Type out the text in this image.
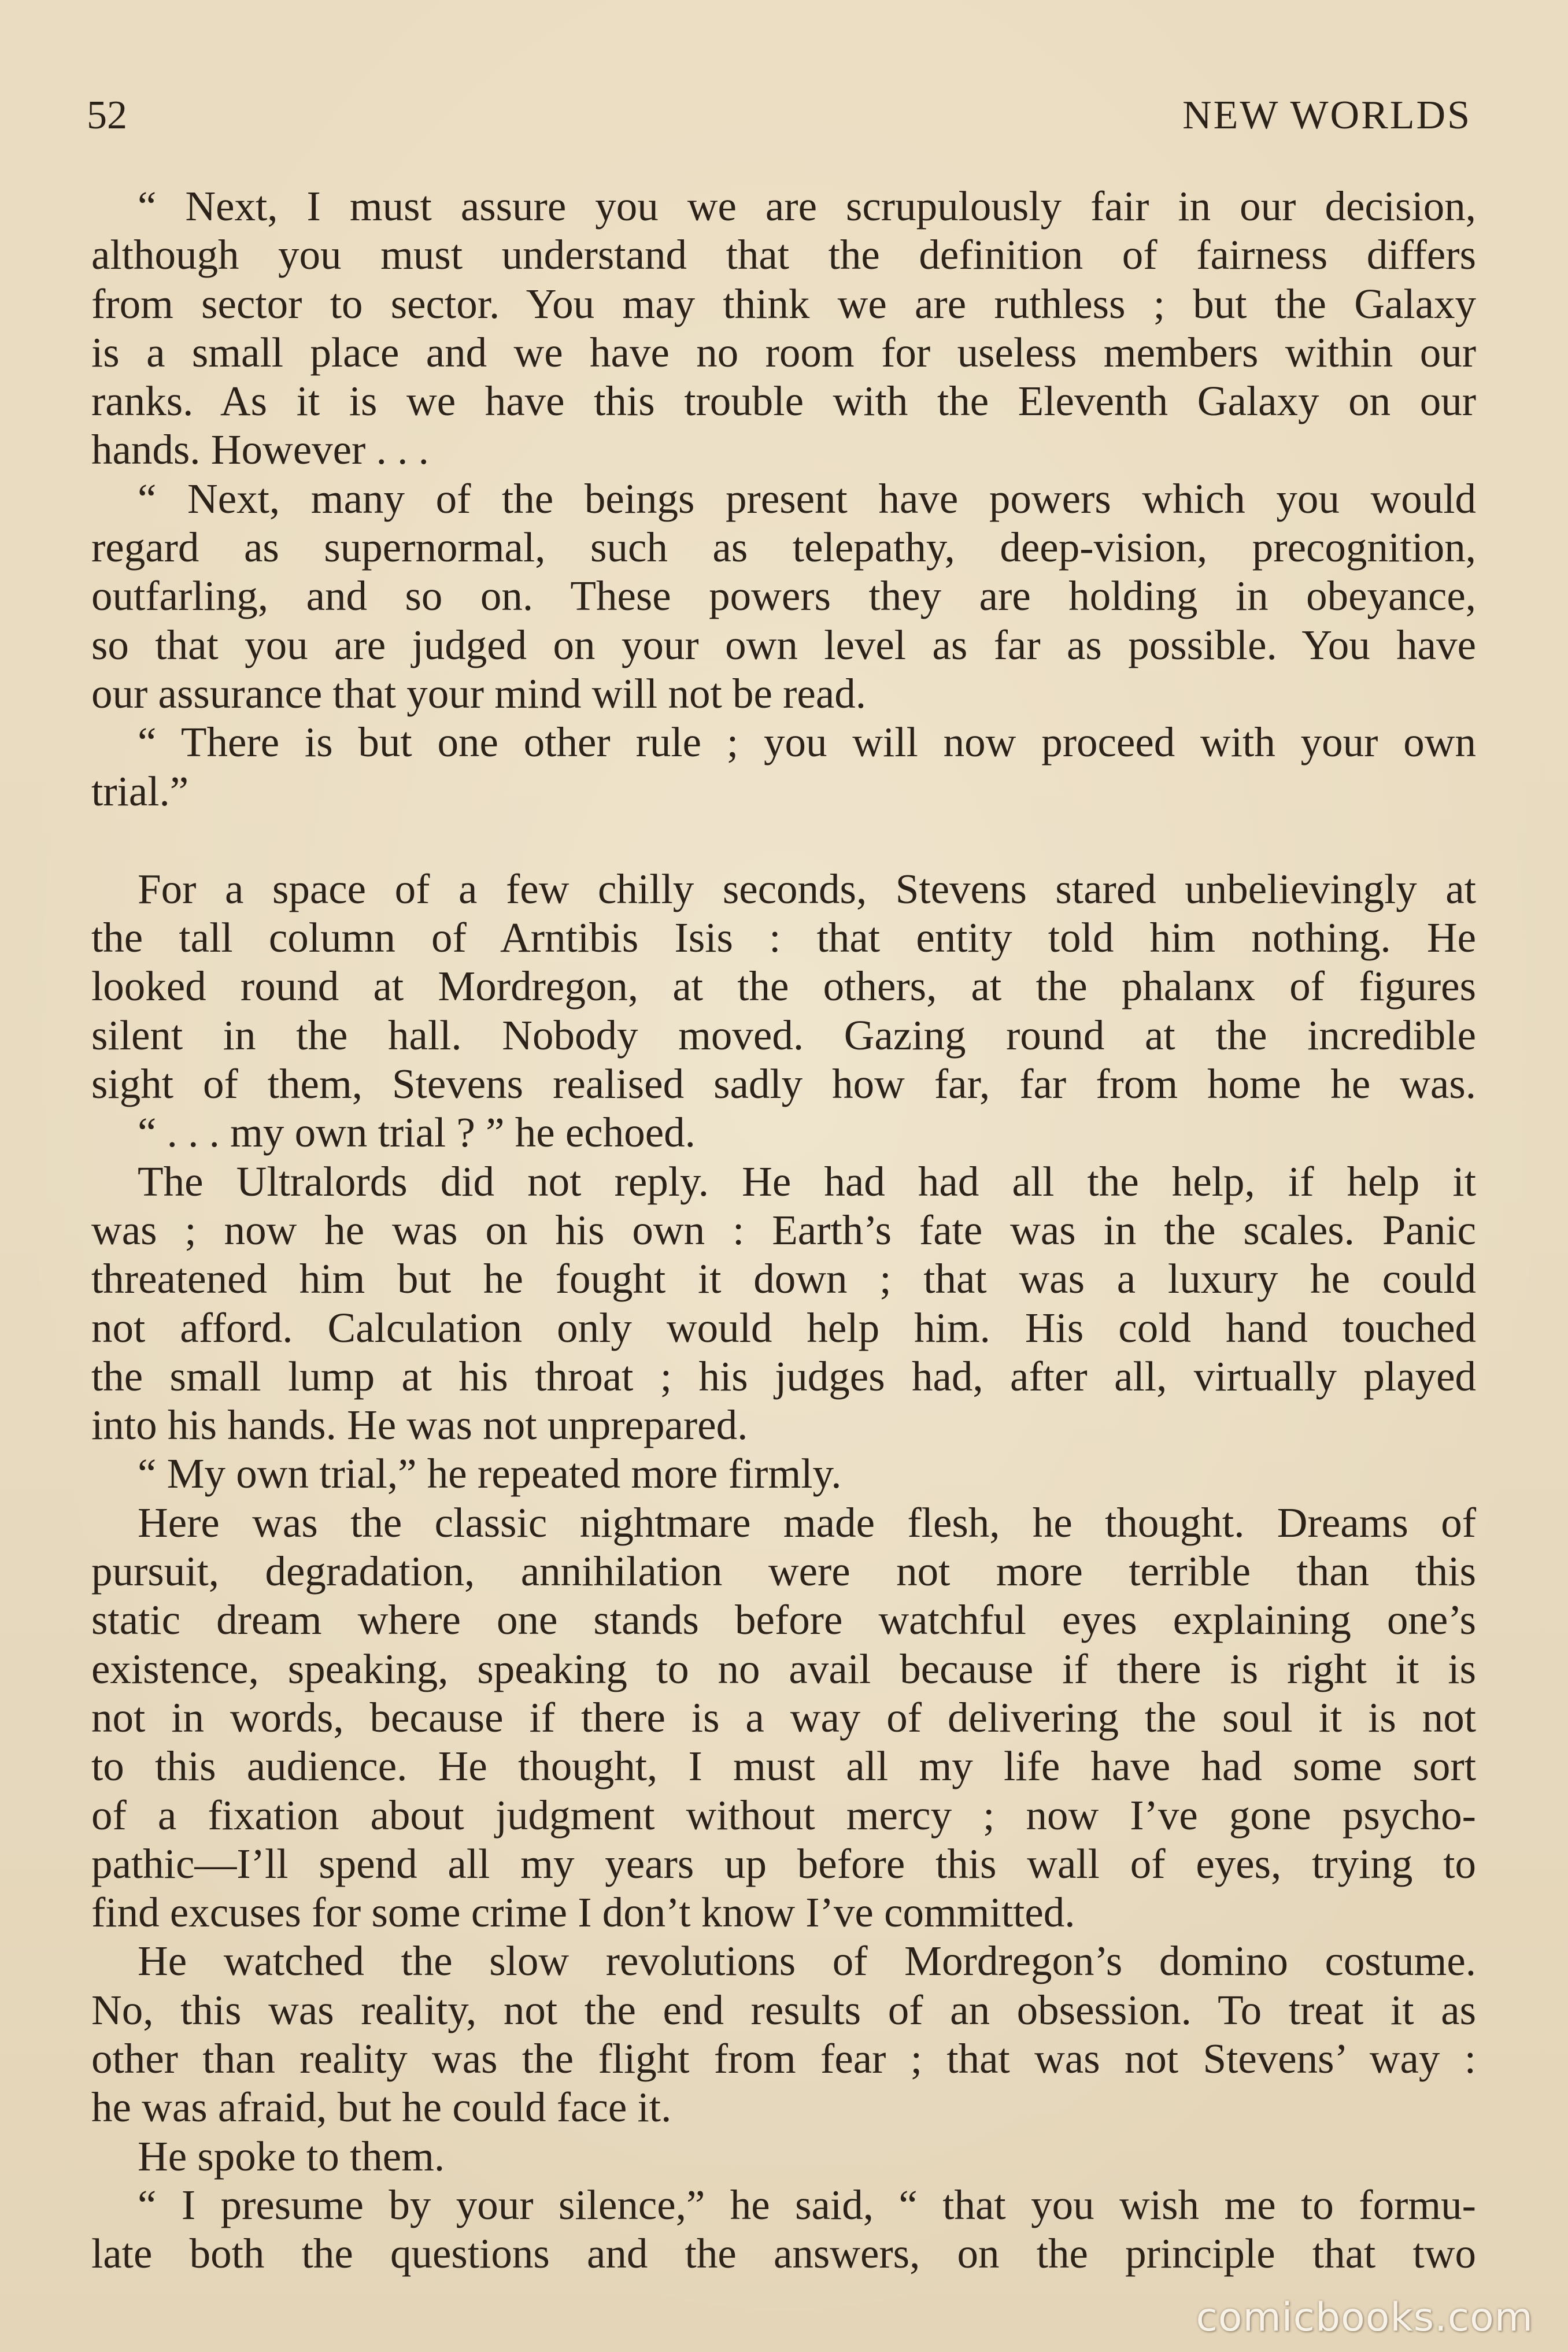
52	NEW WORLDS
“ Next, I must assure you we are scrupulously fair in our decision,
although you must understand that the definition of fairness differs
from sector to sector. You may think we are ruthless ; but the Galaxy
is a small place and we have no room for useless members within our
ranks. As it is we have this trouble with the Eleventh Galaxy on our
hands. However . . .
“ Next, many of the beings present have powers which you would
regard as supernormal, such as telepathy, deep-vision, precognition,
outfarling, and so on. These powers they are holding in obeyance,
so that you are judged on your own level as far as possible. You have
our assurance that your mind will not be read.
“ There is but one other rule ; you will now proceed with your own
trial.”
For a space of a few chilly seconds, Stevens stared unbelievingly at
the tall column of Arntibis Isis : that entity told him nothing. He
looked round at Mordregon, at the others, at the phalanx of figures
silent in the hall. Nobody moved. Gazing round at the incredible
sight of them, Stevens realised sadly how far, far from home he was.
“ . . . my own trial ? ” he echoed.
The Ultralords did not reply. He had had all the help, if help it
was ; now he was on his own : Earth’s fate was in the scales. Panic
threatened him but he fought it down ; that was a luxury he could
not afford. Calculation only would help him. His cold hand touched
the small lump at his throat ; his judges had, after all, virtually played
into his hands. He was not unprepared.
“ My own trial,” he repeated more firmly.
Here was the classic nightmare made flesh, he thought. Dreams of
pursuit, degradation, annihilation were not more terrible than this
static dream where one stands before watchful eyes explaining one’s
existence, speaking, speaking to no avail because if there is right it is
not in words, because if there is a way of delivering the soul it is not
to this audience. He thought, I must all my life have had some sort
of a fixation about judgment without mercy ; now I’ve gone psycho-
pathic—I’ll spend all my years up before this wall of eyes, trying to
find excuses for some crime I don’t know I’ve committed.
He watched the slow revolutions of Mordregon’s domino costume.
No, this was reality, not the end results of an obsession. To treat it as
other than reality was the flight from fear ; that was not Stevens’ way :
he was afraid, but he could face it.
He spoke to them.
“ I presume by your silence,” he said, “ that you wish me to formu-
late both the questions and the answers, on the principle that two
comicbooks.com
